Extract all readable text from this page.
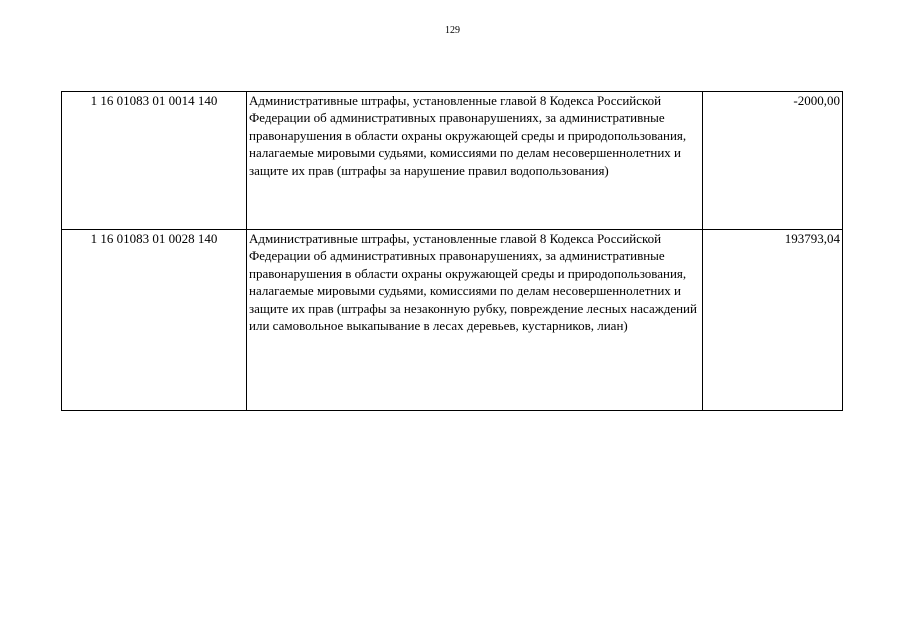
129
1 16 01083 01 0014 140	Административные штрафы, установленные главой 8 Кодекса Российской Федерации об административных правонарушениях, за административные правонарушения в области охраны окружающей среды и природопользования, налагаемые мировыми судьями, комиссиями по делам несовершеннолетних и защите их прав (штрафы за нарушение правил водопользования)	-2000,00
1 16 01083 01 0028 140	Административные штрафы, установленные главой 8 Кодекса Российской Федерации об административных правонарушениях, за административные правонарушения в области охраны окружающей среды и природопользования, налагаемые мировыми судьями, комиссиями по делам несовершеннолетних и защите их прав (штрафы за незаконную рубку, повреждение лесных насаждений или самовольное выкапывание в лесах деревьев, кустарников, лиан)	193793,04
